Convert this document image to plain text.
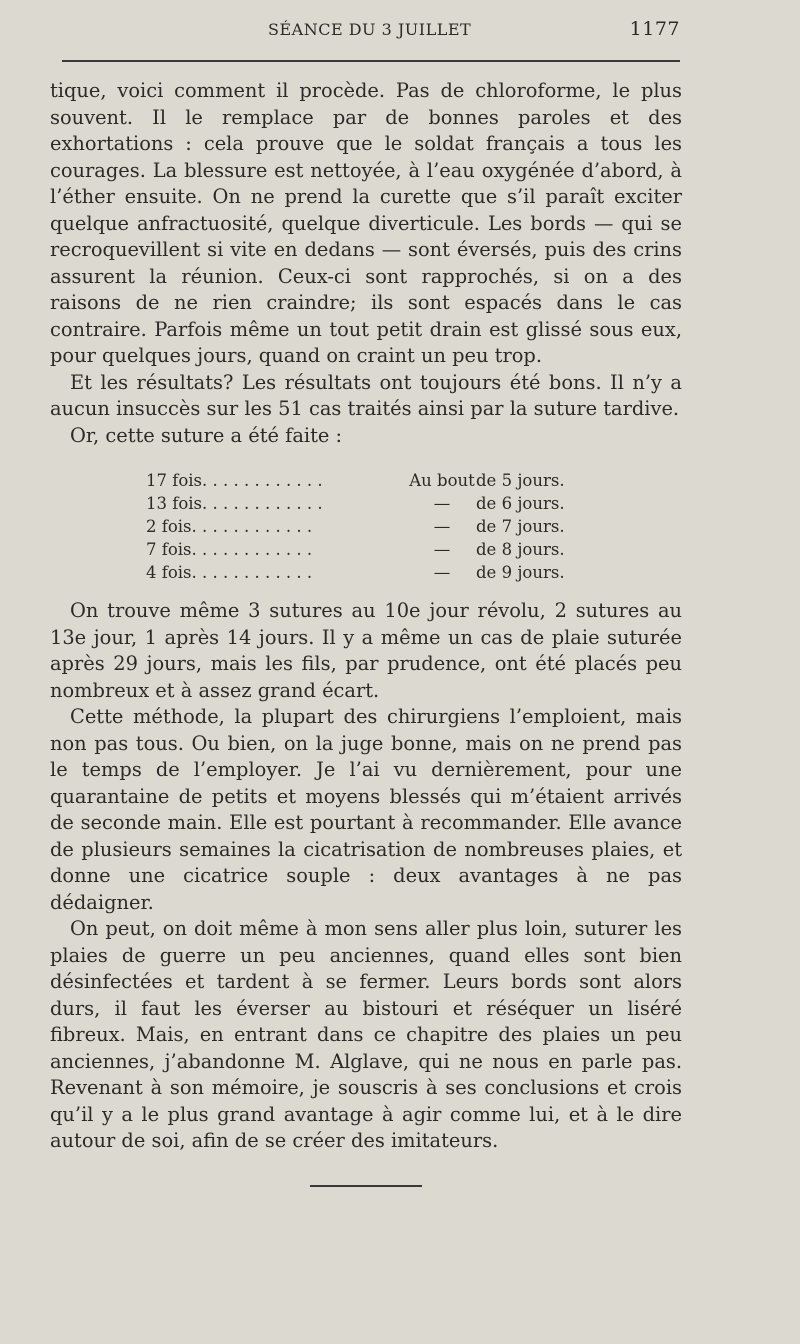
SÉANCE DU 3 JUILLET	1177

tique, voici comment il procède. Pas de chloroforme, le plus souvent. Il le remplace par de bonnes paroles et des exhortations : cela prouve que le soldat français a tous les courages. La blessure est nettoyée, à l’eau oxygénée d’abord, à l’éther ensuite. On ne prend la curette que s’il paraît exciter quelque anfractuosité, quelque diverticule. Les bords — qui se recroquevillent si vite en dedans — sont éversés, puis des crins assurent la réunion. Ceux-ci sont rapprochés, si on a des raisons de ne rien craindre; ils sont espacés dans le cas contraire. Parfois même un tout petit drain est glissé sous eux, pour quelques jours, quand on craint un peu trop.

Et les résultats? Les résultats ont toujours été bons. Il n’y a aucun insuccès sur les 51 cas traités ainsi par la suture tardive.

Or, cette suture a été faite :

17 fois. . . . . . . . . . . .	Au bout de 5 jours.
13 fois. . . . . . . . . . . .	—	de 6 jours.
2 fois. . . . . . . . . . . .	—	de 7 jours.
7 fois. . . . . . . . . . . .	—	de 8 jours.
4 fois. . . . . . . . . . . .	—	de 9 jours.

On trouve même 3 sutures au 10e jour révolu, 2 sutures au 13e jour, 1 après 14 jours. Il y a même un cas de plaie suturée après 29 jours, mais les fils, par prudence, ont été placés peu nombreux et à assez grand écart.

Cette méthode, la plupart des chirurgiens l’emploient, mais non pas tous. Ou bien, on la juge bonne, mais on ne prend pas le temps de l’employer. Je l’ai vu dernièrement, pour une quarantaine de petits et moyens blessés qui m’étaient arrivés de seconde main. Elle est pourtant à recommander. Elle avance de plusieurs semaines la cicatrisation de nombreuses plaies, et donne une cicatrice souple : deux avantages à ne pas dédaigner.

On peut, on doit même à mon sens aller plus loin, suturer les plaies de guerre un peu anciennes, quand elles sont bien désinfectées et tardent à se fermer. Leurs bords sont alors durs, il faut les éverser au bistouri et réséquer un liséré fibreux. Mais, en entrant dans ce chapitre des plaies un peu anciennes, j’abandonne M. Alglave, qui ne nous en parle pas. Revenant à son mémoire, je souscris à ses conclusions et crois qu’il y a le plus grand avantage à agir comme lui, et à le dire autour de soi, afin de se créer des imitateurs.
